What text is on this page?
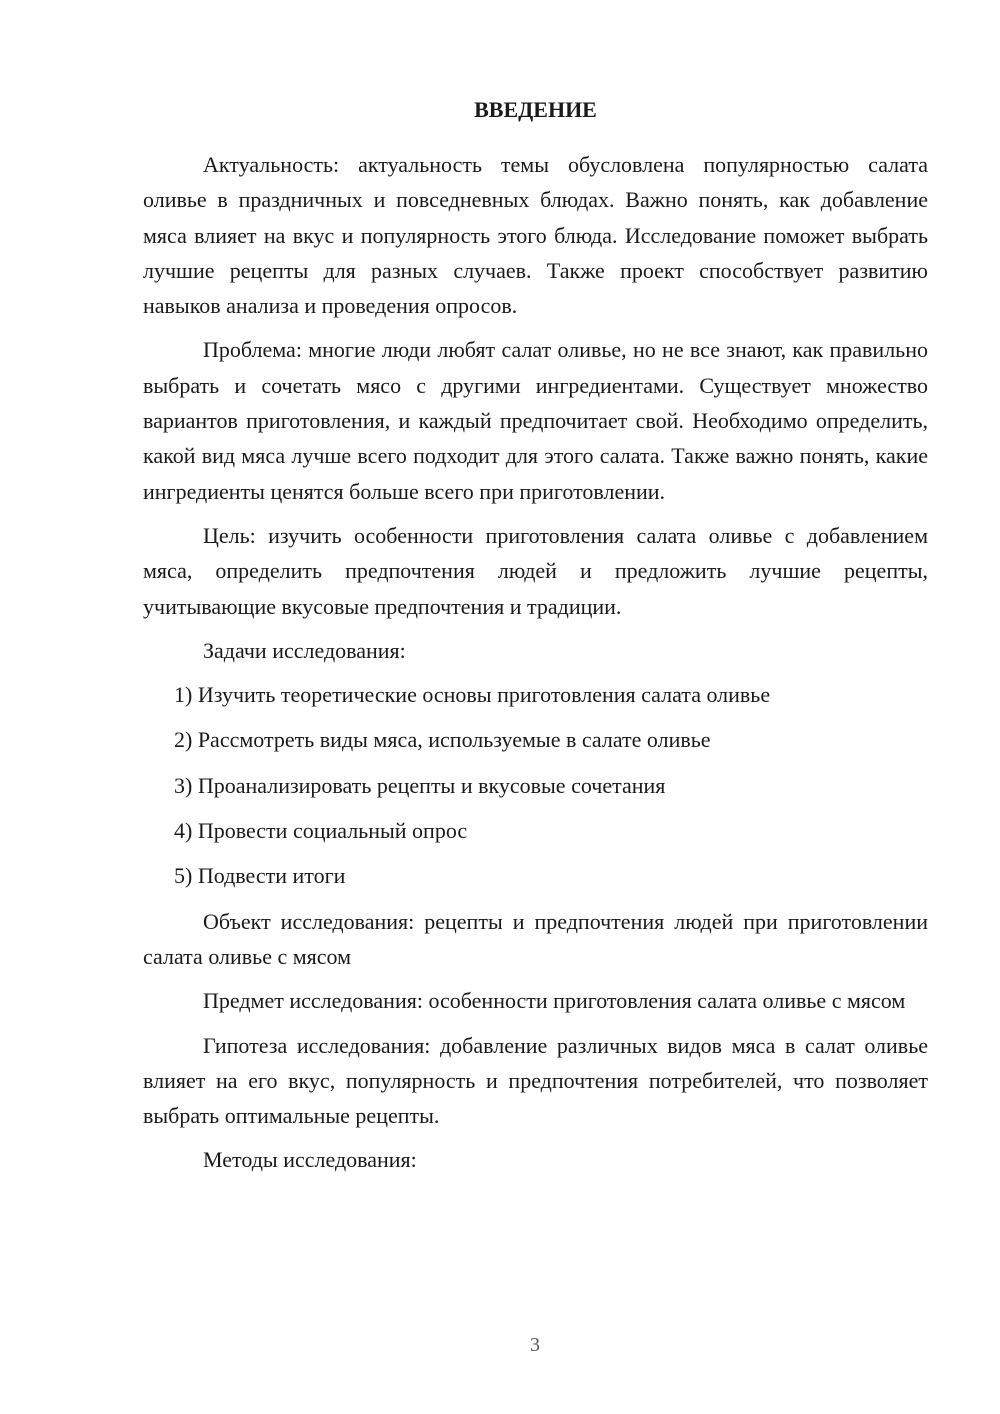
ВВЕДЕНИЕ

Актуальность: актуальность темы обусловлена популярностью салата оливье в праздничных и повседневных блюдах. Важно понять, как добавление мяса влияет на вкус и популярность этого блюда. Исследование поможет выбрать лучшие рецепты для разных случаев. Также проект способствует развитию навыков анализа и проведения опросов.

Проблема: многие люди любят салат оливье, но не все знают, как правильно выбрать и сочетать мясо с другими ингредиентами. Существует множество вариантов приготовления, и каждый предпочитает свой. Необходимо определить, какой вид мяса лучше всего подходит для этого салата. Также важно понять, какие ингредиенты ценятся больше всего при приготовлении.

Цель: изучить особенности приготовления салата оливье с добавлением мяса, определить предпочтения людей и предложить лучшие рецепты, учитывающие вкусовые предпочтения и традиции.

Задачи исследования:

1) Изучить теоретические основы приготовления салата оливье
2) Рассмотреть виды мяса, используемые в салате оливье
3) Проанализировать рецепты и вкусовые сочетания
4) Провести социальный опрос
5) Подвести итоги

Объект исследования: рецепты и предпочтения людей при приготовлении салата оливье с мясом

Предмет исследования: особенности приготовления салата оливье с мясом

Гипотеза исследования: добавление различных видов мяса в салат оливье влияет на его вкус, популярность и предпочтения потребителей, что позволяет выбрать оптимальные рецепты.

Методы исследования:

3
